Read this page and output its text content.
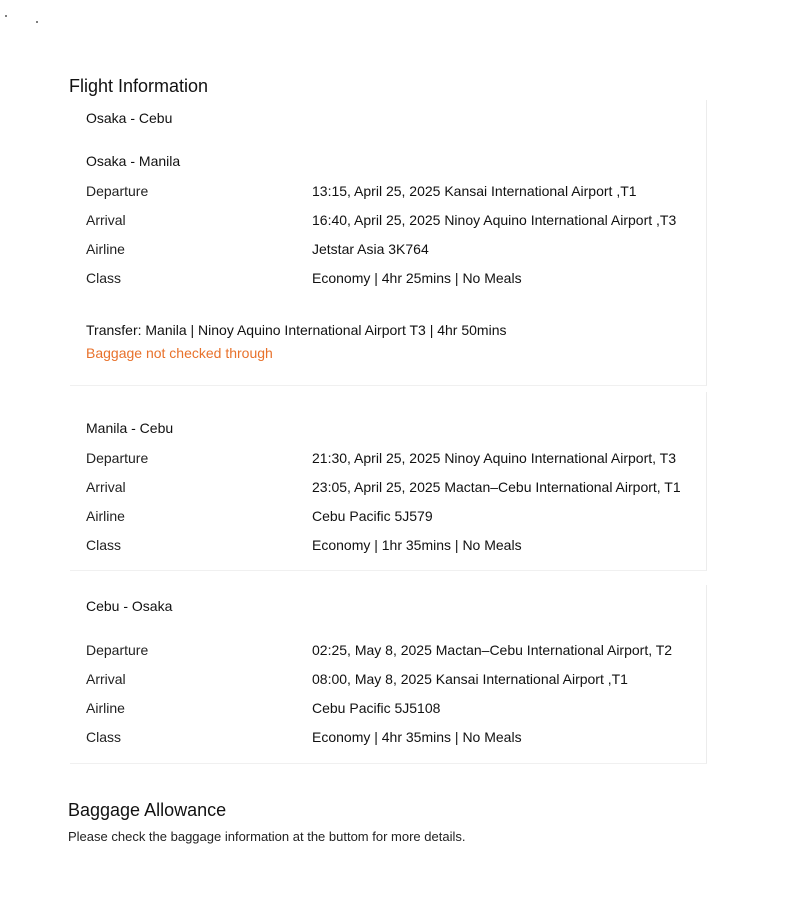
Flight Information
Osaka - Cebu
Osaka - Manila
Departure	13:15, April 25, 2025 Kansai International Airport ,T1
Arrival	16:40, April 25, 2025 Ninoy Aquino International Airport ,T3
Airline	Jetstar Asia 3K764
Class	Economy | 4hr 25mins | No Meals
Transfer: Manila | Ninoy Aquino International Airport T3 | 4hr 50mins
Baggage not checked through
Manila - Cebu
Departure	21:30, April 25, 2025 Ninoy Aquino International Airport, T3
Arrival	23:05, April 25, 2025 Mactan–Cebu International Airport, T1
Airline	Cebu Pacific 5J579
Class	Economy | 1hr 35mins | No Meals
Cebu - Osaka
Departure	02:25, May 8, 2025 Mactan–Cebu International Airport, T2
Arrival	08:00, May 8, 2025 Kansai International Airport ,T1
Airline	Cebu Pacific 5J5108
Class	Economy | 4hr 35mins | No Meals
Baggage Allowance
Please check the baggage information at the buttom for more details.
